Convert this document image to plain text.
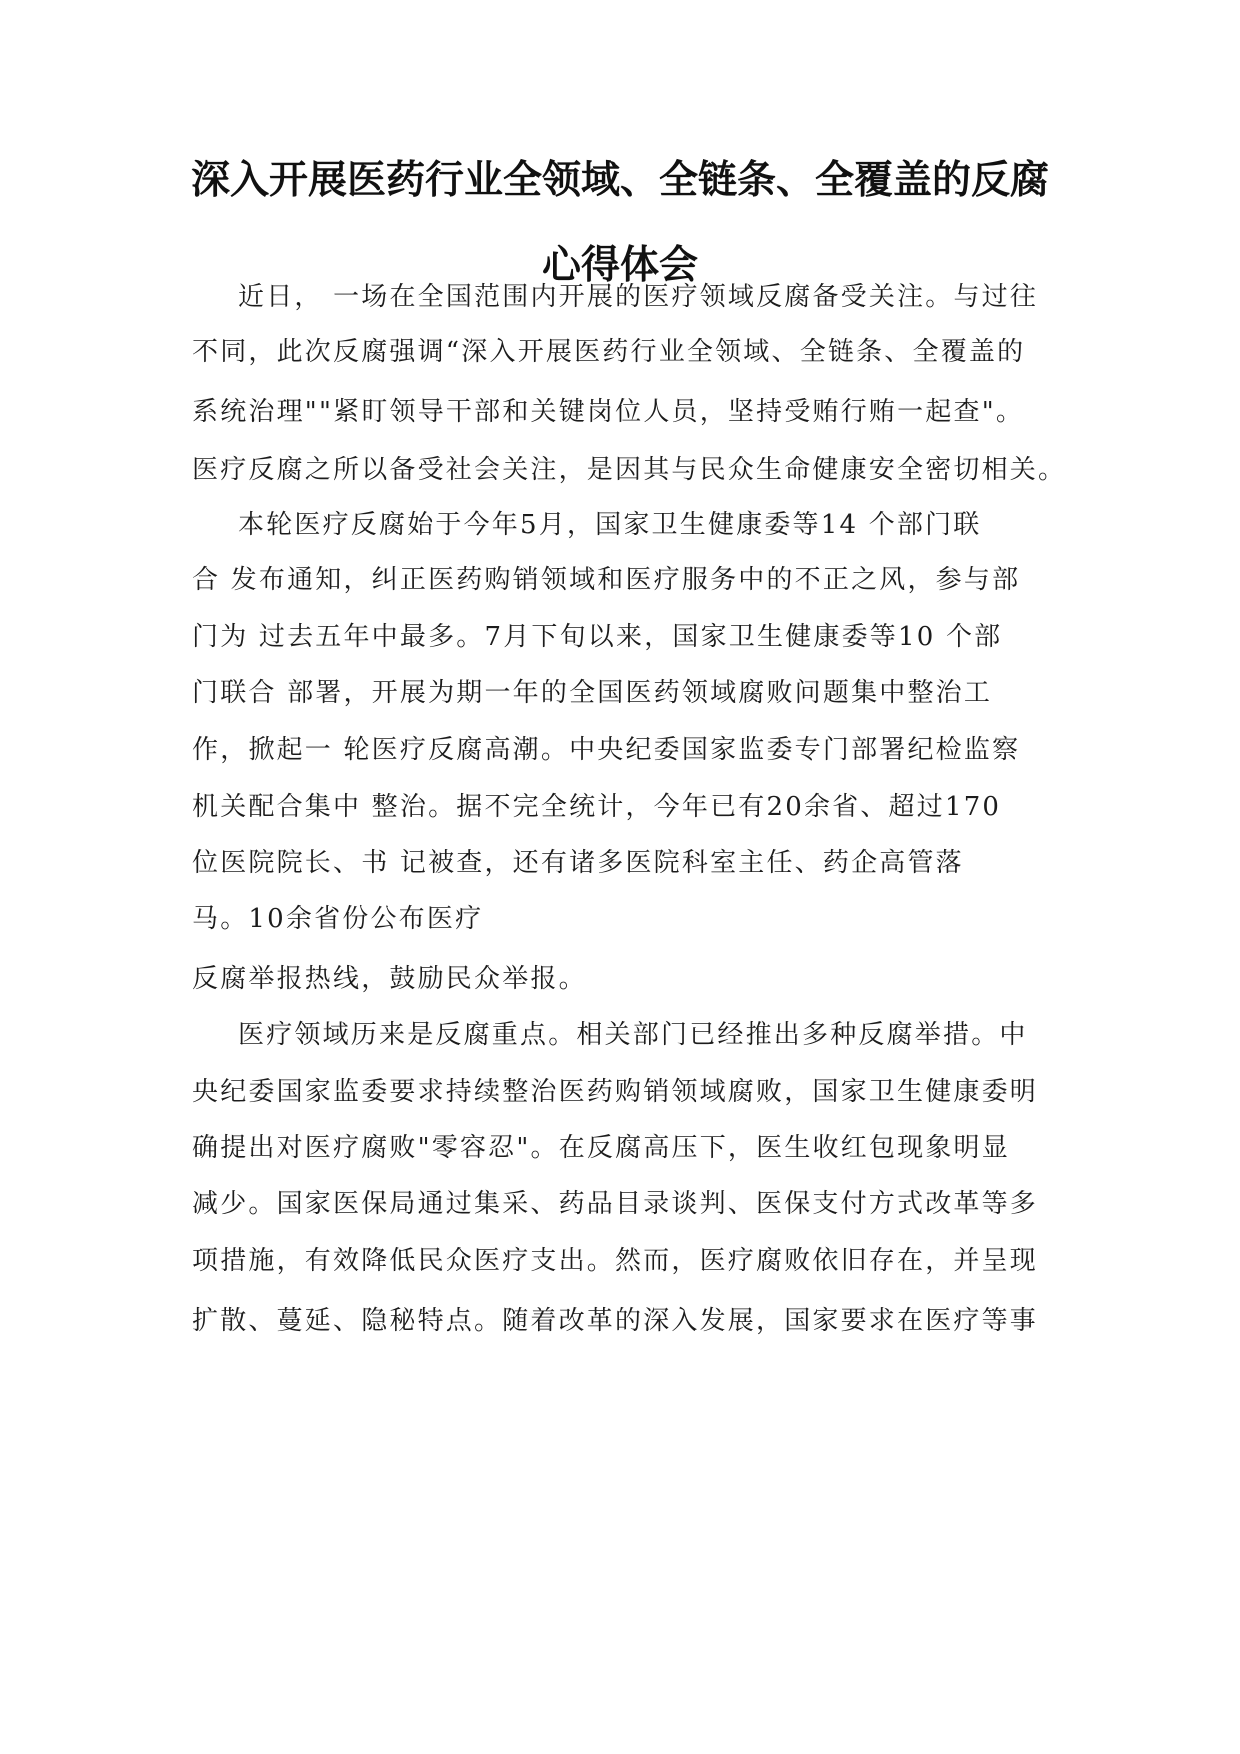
深入开展医药行业全领域、全链条、全覆盖的反腐
心得体会
近日， 一场在全国范围内开展的医疗领域反腐备受关注。与过往
不同，此次反腐强调“深入开展医药行业全领域、全链条、全覆盖的
系统治理""紧盯领导干部和关键岗位人员，坚持受贿行贿一起查"。
医疗反腐之所以备受社会关注，是因其与民众生命健康安全密切相关。
本轮医疗反腐始于今年5月，国家卫生健康委等14 个部门联
合 发布通知，纠正医药购销领域和医疗服务中的不正之风，参与部
门为 过去五年中最多。7月下旬以来，国家卫生健康委等10 个部
门联合 部署，开展为期一年的全国医药领域腐败问题集中整治工
作，掀起一 轮医疗反腐高潮。中央纪委国家监委专门部署纪检监察
机关配合集中 整治。据不完全统计，今年已有20余省、超过170
位医院院长、书 记被查，还有诸多医院科室主任、药企高管落
马。10余省份公布医疗
反腐举报热线，鼓励民众举报。
医疗领域历来是反腐重点。相关部门已经推出多种反腐举措。中
央纪委国家监委要求持续整治医药购销领域腐败，国家卫生健康委明
确提出对医疗腐败"零容忍"。在反腐高压下，医生收红包现象明显
减少。国家医保局通过集采、药品目录谈判、医保支付方式改革等多
项措施，有效降低民众医疗支出。然而，医疗腐败依旧存在，并呈现
扩散、蔓延、隐秘特点。随着改革的深入发展，国家要求在医疗等事
